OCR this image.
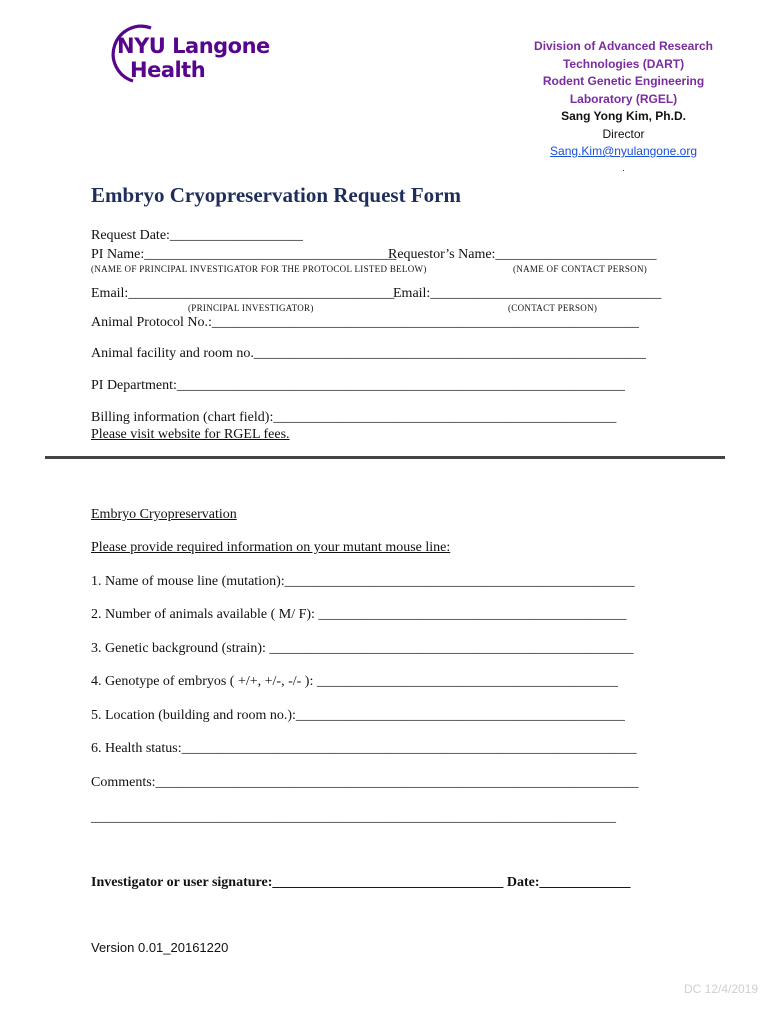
NYU Langone
Health
Division of Advanced Research
Technologies (DART)
Rodent Genetic Engineering
Laboratory (RGEL)
Sang Yong Kim, Ph.D.
Director
Sang.Kim@nyulangone.org
.
Embryo Cryopreservation Request Form
Request Date:___________________
PI Name:____________________________________
Requestor’s Name:_______________________
(NAME OF PRINCIPAL INVESTIGATOR FOR THE PROTOCOL LISTED BELOW)	(NAME OF CONTACT PERSON)
Email:______________________________________
Email:_________________________________
(PRINCIPAL INVESTIGATOR)	(CONTACT PERSON)
Animal Protocol No.:_____________________________________________________________
Animal facility and room no.________________________________________________________
PI Department:________________________________________________________________
Billing information (chart field):_________________________________________________
Please visit website for RGEL fees.
Embryo Cryopreservation
Please provide required information on your mutant mouse line:
1. Name of mouse line (mutation):__________________________________________________
2. Number of animals available ( M/ F): ____________________________________________
3. Genetic background (strain): ____________________________________________________
4. Genotype of embryos ( +/+, +/-, -/- ): ___________________________________________
5. Location (building and room no.):_______________________________________________
6. Health status:_________________________________________________________________
Comments:_____________________________________________________________________
___________________________________________________________________________
Investigator or user signature:_________________________________ Date:_____________
Version 0.01_20161220
DC 12/4/2019
